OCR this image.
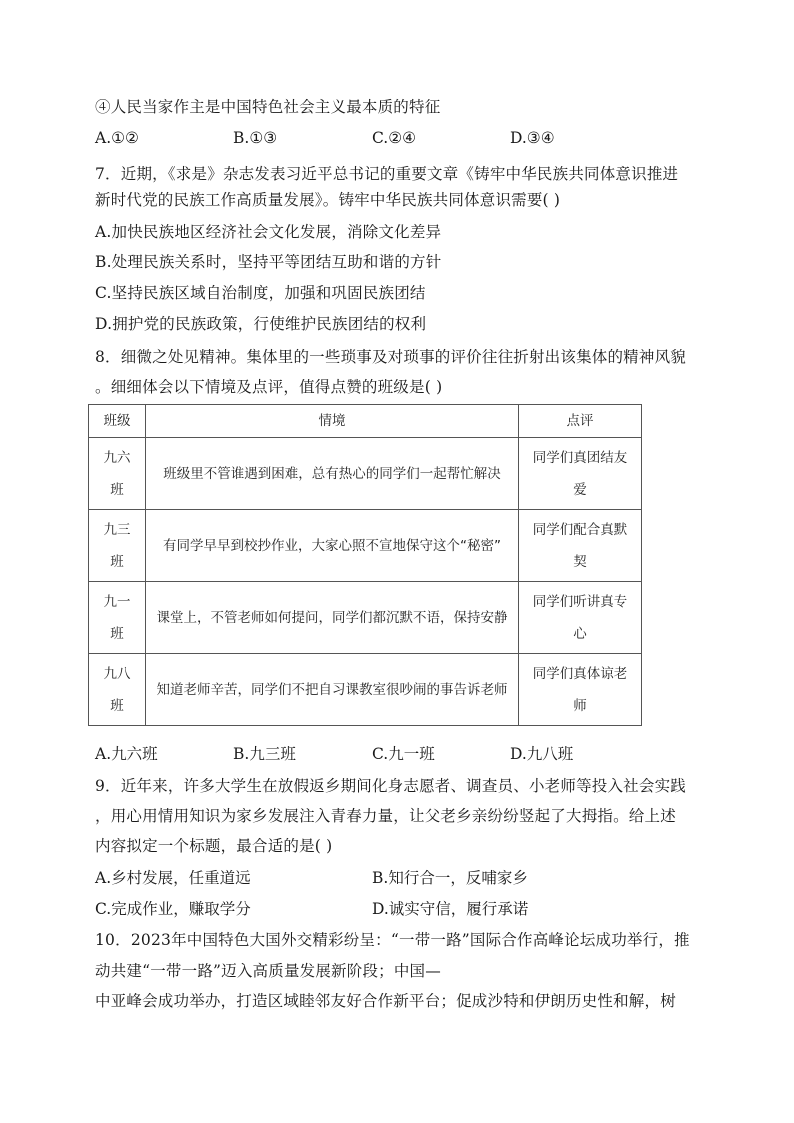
④人民当家作主是中国特色社会主义最本质的特征
A.①②	B.①③	C.②④	D.③④
7．近期，《求是》杂志发表习近平总书记的重要文章《铸牢中华民族共同体意识推进
新时代党的民族工作高质量发展》。铸牢中华民族共同体意识需要( )
A.加快民族地区经济社会文化发展，消除文化差异
B.处理民族关系时，坚持平等团结互助和谐的方针
C.坚持民族区域自治制度，加强和巩固民族团结
D.拥护党的民族政策，行使维护民族团结的权利
8．细微之处见精神。集体里的一些琐事及对琐事的评价往往折射出该集体的精神风貌
。细细体会以下情境及点评，值得点赞的班级是( )
班级	情境	点评

九六班	班级里不管谁遇到困难，总有热心的同学们一起帮忙解决	同学们真团结友爱

九三班	有同学早早到校抄作业，大家心照不宣地保守这个“秘密”	同学们配合真默契

九一班	课堂上，不管老师如何提问，同学们都沉默不语，保持安静	同学们听讲真专心

九八班	知道老师辛苦，同学们不把自习课教室很吵闹的事告诉老师	同学们真体谅老师
A.九六班	B.九三班	C.九一班	D.九八班
9．近年来，许多大学生在放假返乡期间化身志愿者、调查员、小老师等投入社会实践
，用心用情用知识为家乡发展注入青春力量，让父老乡亲纷纷竖起了大拇指。给上述
内容拟定一个标题，最合适的是( )
A.乡村发展，任重道远	B.知行合一，反哺家乡
C.完成作业，赚取学分	D.诚实守信，履行承诺
10．2023年中国特色大国外交精彩纷呈：“一带一路”国际合作高峰论坛成功举行，推
动共建“一带一路”迈入高质量发展新阶段；中国—
中亚峰会成功举办，打造区域睦邻友好合作新平台；促成沙特和伊朗历史性和解，树
